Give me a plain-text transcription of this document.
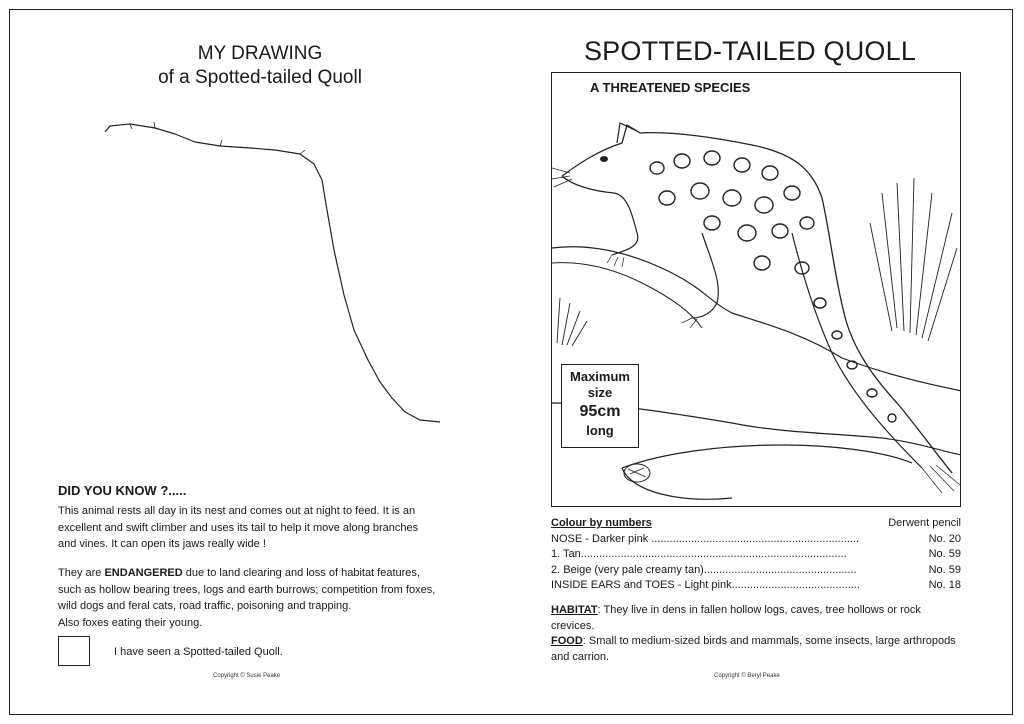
MY DRAWING
of a Spotted-tailed Quoll
DID YOU KNOW ?.....
This animal rests all day in its nest and comes out at night to feed. It is an
excellent and swift climber and uses its tail to help it move along branches
and vines. It can open its jaws really wide !
They are ENDANGERED due to land clearing and loss of habitat features,
such as hollow bearing trees, logs and earth burrows; competition from foxes,
wild dogs and feral cats, road traffic, poisoning and trapping.
Also foxes eating their young.
I have seen a Spotted-tailed Quoll.
Copyright © Susie Peake
SPOTTED-TAILED QUOLL
A THREATENED SPECIES
Maximum
size
95cm
long
Colour by numbers	Derwent pencil
NOSE - Darker pink ....................................................................	No. 20
1. Tan.......................................................................................	No. 59
2. Beige (very pale creamy tan)..................................................	No. 59
INSIDE EARS and TOES - Light pink..........................................	No. 18
HABITAT: They live in dens in fallen hollow logs, caves, tree hollows or rock crevices.
FOOD: Small to medium-sized birds and mammals, some insects, large arthropods and carrion.
Copyright © Beryl Peake
